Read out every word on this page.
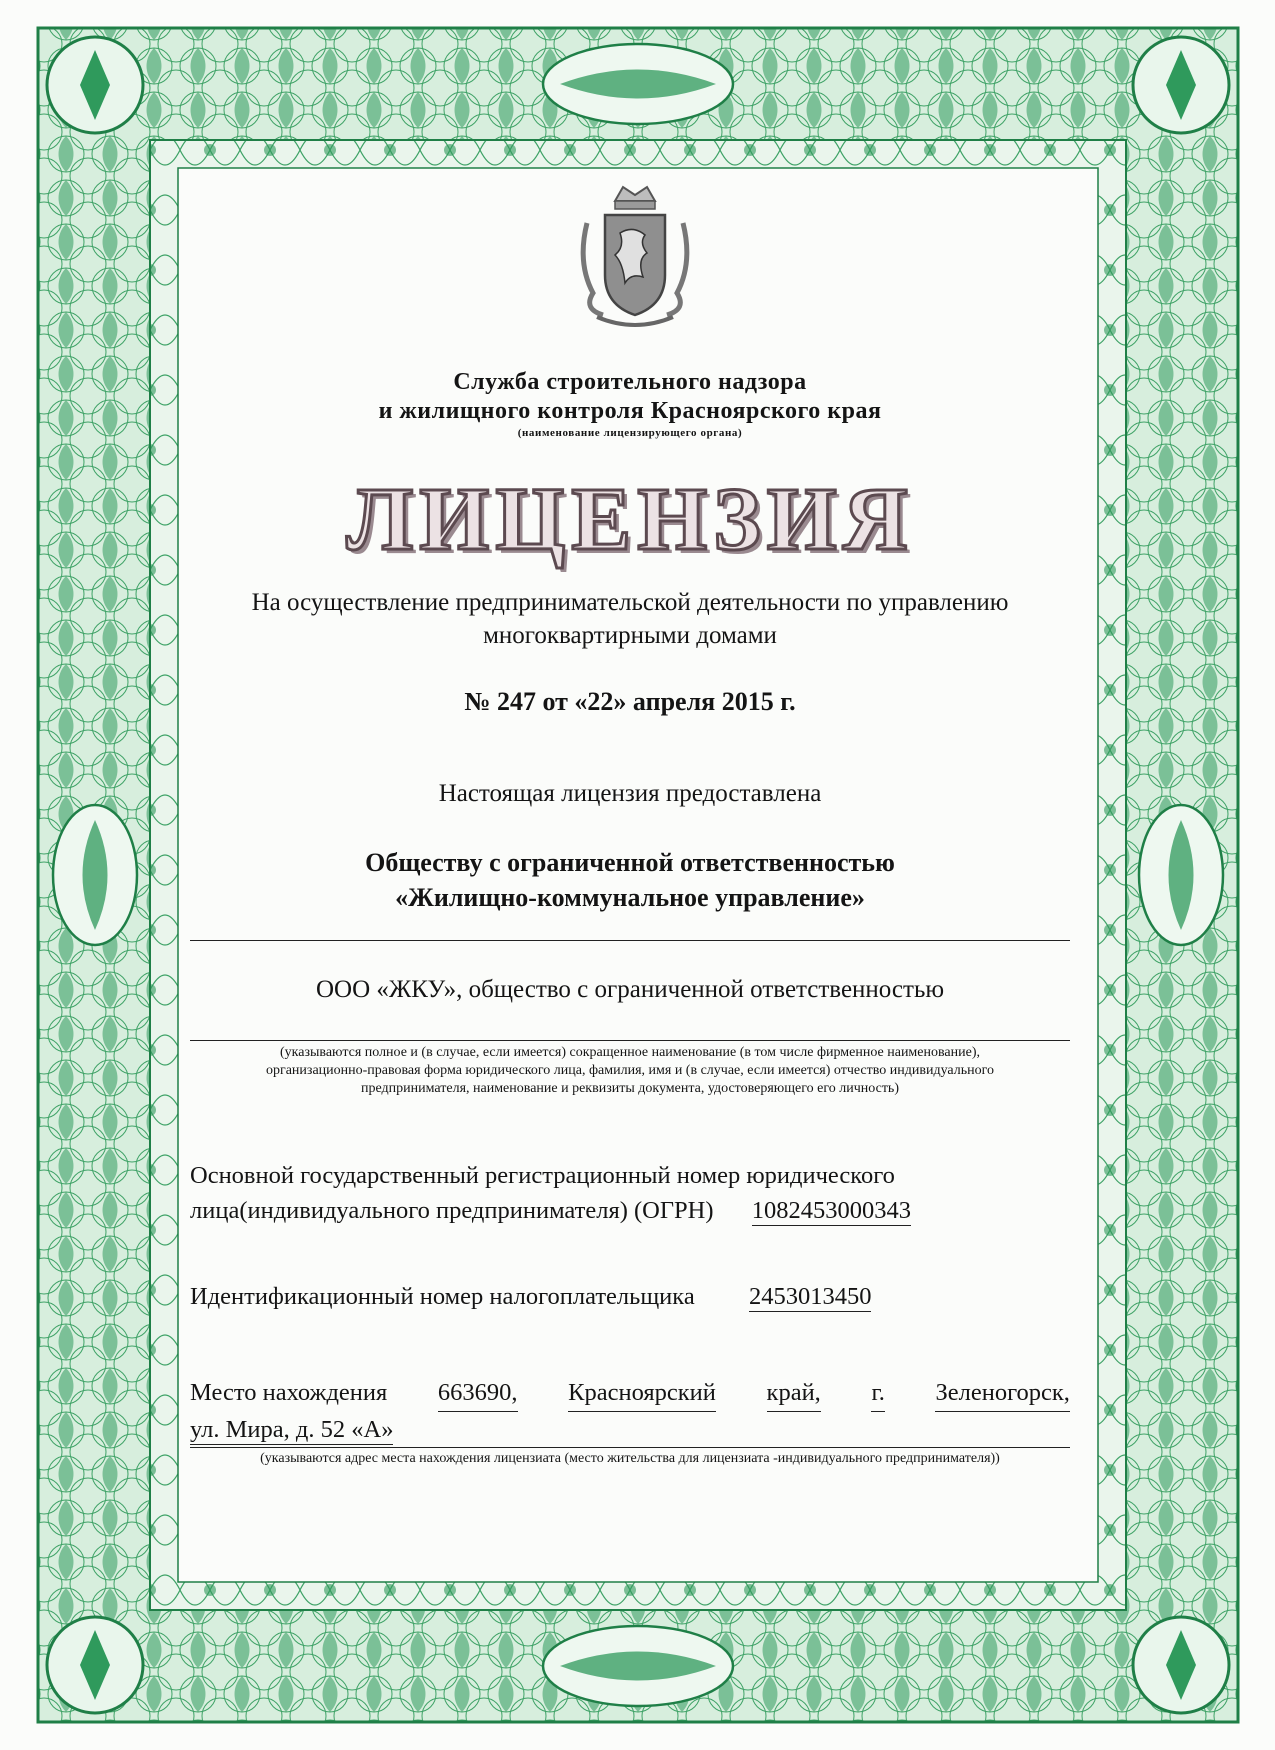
Служба строительного надзора
и жилищного контроля Красноярского края
(наименование лицензирующего органа)
ЛИЦЕНЗИЯ
На осуществление предпринимательской деятельности по управлению
многоквартирными домами
№ 247 от «22» апреля 2015 г.
Настоящая лицензия предоставлена
Обществу с ограниченной ответственностью
«Жилищно-коммунальное управление»
ООО «ЖКУ», общество с ограниченной ответственностью
(указываются полное и (в случае, если имеется) сокращенное наименование (в том числе фирменное наименование),
организационно-правовая форма юридического лица, фамилия, имя и (в случае, если имеется) отчество индивидуального
предпринимателя, наименование и реквизиты документа, удостоверяющего его личность)
Основной государственный регистрационный номер юридического
лица(индивидуального предпринимателя) (ОГРН) 1082453000343
Идентификационный номер налогоплательщика 2453013450
Место нахождения 663690, Красноярский край, г. Зеленогорск,
ул. Мира, д. 52 «А»
(указываются адрес места нахождения лицензиата (место жительства для лицензиата -индивидуального предпринимателя))
